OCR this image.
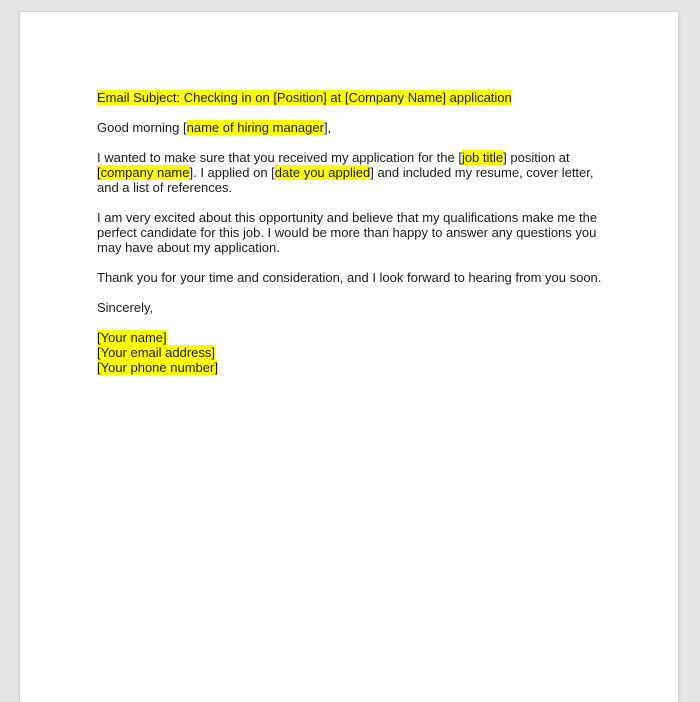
Email Subject: Checking in on [Position] at [Company Name] application

Good morning [name of hiring manager],

I wanted to make sure that you received my application for the [job title] position at [company name]. I applied on [date you applied] and included my resume, cover letter, and a list of references.

I am very excited about this opportunity and believe that my qualifications make me the perfect candidate for this job. I would be more than happy to answer any questions you may have about my application.

Thank you for your time and consideration, and I look forward to hearing from you soon.

Sincerely,

[Your name]
[Your email address]
[Your phone number]
